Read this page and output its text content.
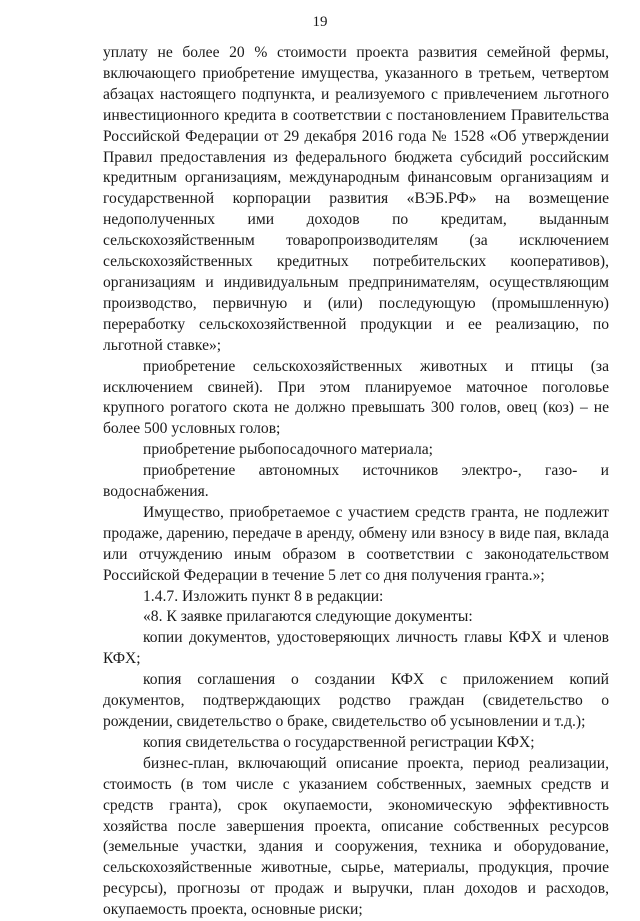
19

уплату не более 20 % стоимости проекта развития семейной фермы, включающего приобретение имущества, указанного в третьем, четвертом абзацах настоящего подпункта, и реализуемого с привлечением льготного инвестиционного кредита в соответствии с постановлением Правительства Российской Федерации от 29 декабря 2016 года № 1528 «Об утверждении Правил предоставления из федерального бюджета субсидий российским кредитным организациям, международным финансовым организациям и государственной корпорации развития «ВЭБ.РФ» на возмещение недополученных ими доходов по кредитам, выданным сельскохозяйственным товаропроизводителям (за исключением сельскохозяйственных кредитных потребительских кооперативов), организациям и индивидуальным предпринимателям, осуществляющим производство, первичную и (или) последующую (промышленную) переработку сельскохозяйственной продукции и ее реализацию, по льготной ставке»;

приобретение сельскохозяйственных животных и птицы (за исключением свиней). При этом планируемое маточное поголовье крупного рогатого скота не должно превышать 300 голов, овец (коз) – не более 500 условных голов;

приобретение рыбопосадочного материала;

приобретение автономных источников электро-, газо- и водоснабжения.

Имущество, приобретаемое с участием средств гранта, не подлежит продаже, дарению, передаче в аренду, обмену или взносу в виде пая, вклада или отчуждению иным образом в соответствии с законодательством Российской Федерации в течение 5 лет со дня получения гранта.»;

1.4.7. Изложить пункт 8 в редакции:

«8. К заявке прилагаются следующие документы:

копии документов, удостоверяющих личность главы КФХ и членов КФХ;

копия соглашения о создании КФХ с приложением копий документов, подтверждающих родство граждан (свидетельство о рождении, свидетельство о браке, свидетельство об усыновлении и т.д.);

копия свидетельства о государственной регистрации КФХ;

бизнес-план, включающий описание проекта, период реализации, стоимость (в том числе с указанием собственных, заемных средств и средств гранта), срок окупаемости, экономическую эффективность хозяйства после завершения проекта, описание собственных ресурсов (земельные участки, здания и сооружения, техника и оборудование, сельскохозяйственные животные, сырье, материалы, продукция, прочие ресурсы), прогнозы от продаж и выручки, план доходов и расходов, окупаемость проекта, основные риски;
